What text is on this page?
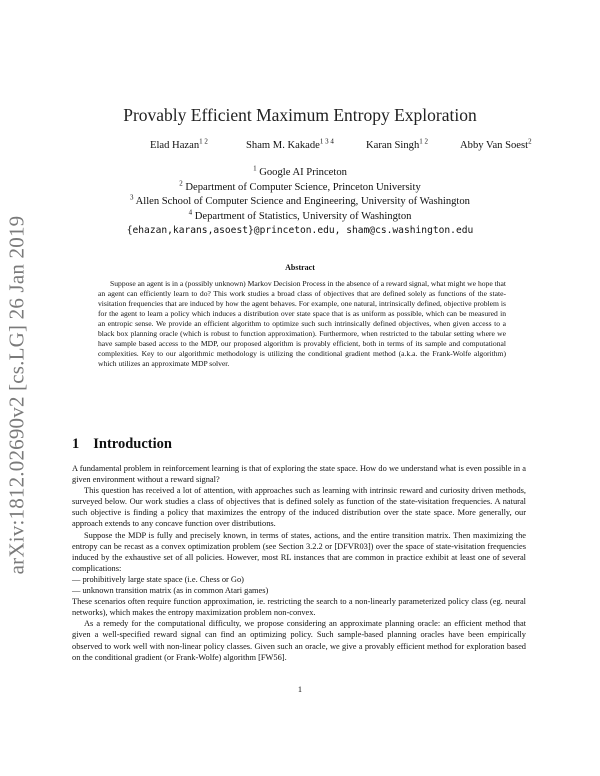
arXiv:1812.02690v2 [cs.LG] 26 Jan 2019
Provably Efficient Maximum Entropy Exploration
Elad Hazan$^{1 2}$	Sham M. Kakade$^{1 3 4}$	Karan Singh$^{1 2}$	Abby Van Soest$^2$

$^1$ Google AI Princeton

$^2$ Department of Computer Science, Princeton University

$^3$ Allen School of Computer Science and Engineering, University of Washington

$^4$ Department of Statistics, University of Washington

{ehazan,karans,asoest}@princeton.edu, sham@cs.washington.edu

Abstract

Suppose an agent is in a (possibly unknown) Markov Decision Process in the absence of a reward signal, what might we hope that an agent can efficiently learn to do? This work studies a broad class of objectives that are defined solely as functions of the state-visitation frequencies that are induced by how the agent behaves. For example, one natural, intrinsically defined, objective problem is for the agent to learn a policy which induces a distribution over state space that is as uniform as possible, which can be measured in an entropic sense. We provide an efficient algorithm to optimize such such intrinsically defined objectives, when given access to a black box planning oracle (which is robust to function approximation). Furthermore, when restricted to the tabular setting where we have sample based access to the MDP, our proposed algorithm is provably efficient, both in terms of its sample and computational complexities. Key to our algorithmic methodology is utilizing the conditional gradient method (a.k.a. the Frank-Wolfe algorithm) which utilizes an approximate MDP solver.

1 Introduction

A fundamental problem in reinforcement learning is that of exploring the state space. How do we understand what is even possible in a given environment without a reward signal?

This question has received a lot of attention, with approaches such as learning with intrinsic reward and curiosity driven methods, surveyed below. Our work studies a class of objectives that is defined solely as function of the state-visitation frequencies. A natural such objective is finding a policy that maximizes the entropy of the induced distribution over the state space. More generally, our approach extends to any concave function over distributions.

Suppose the MDP is fully and precisely known, in terms of states, actions, and the entire transition matrix. Then maximizing the entropy can be recast as a convex optimization problem (see Section 3.2.2 or [DFVR03]) over the space of state-visitation frequencies induced by the exhaustive set of all policies. However, most RL instances that are common in practice exhibit at least one of several complications:

— prohibitively large state space (i.e. Chess or Go)

— unknown transition matrix (as in common Atari games)

These scenarios often require function approximation, ie. restricting the search to a non-linearly parameterized policy class (eg. neural networks), which makes the entropy maximization problem non-convex.

As a remedy for the computational difficulty, we propose considering an approximate planning oracle: an efficient method that given a well-specified reward signal can find an optimizing policy. Such sample-based planning oracles have been empirically observed to work well with non-linear policy classes. Given such an oracle, we give a provably efficient method for exploration based on the conditional gradient (or Frank-Wolfe) algorithm [FW56].

1
